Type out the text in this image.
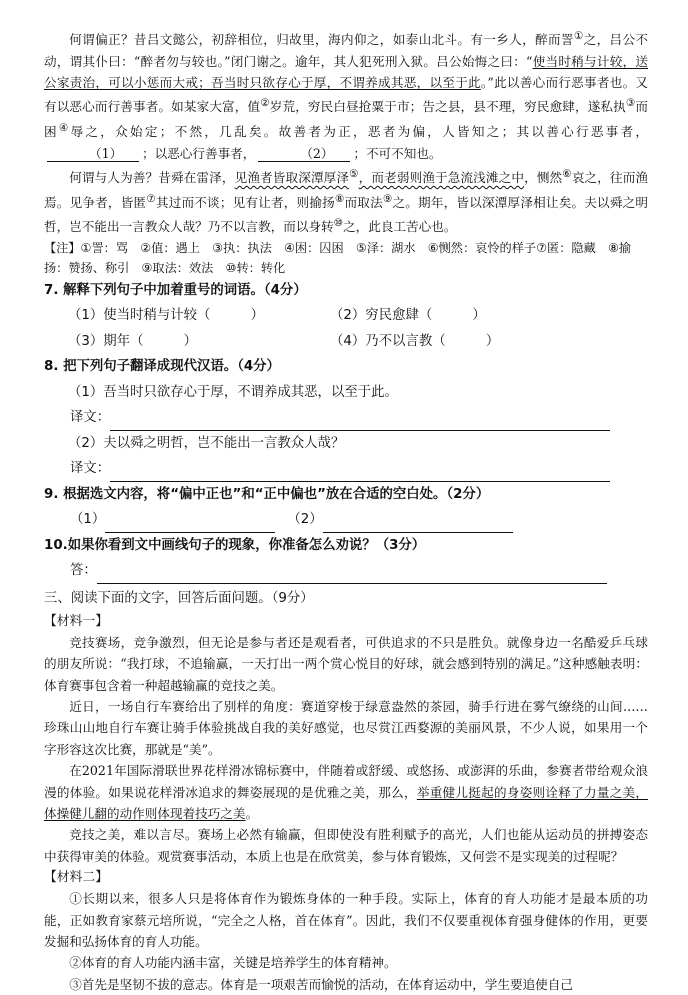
何谓偏正？昔吕文懿公，初辞相位，归故里，海内仰之，如泰山北斗。有一乡人，醉而詈①之，吕公不动，谓其仆曰：“醉者勿与较也。”闭门谢之。逾年，其人犯死刑入狱。吕公始悔之曰：“使当时稍与计较，送公家责治，可以小惩而大戒；吾当时只欲存心于厚，不谓养成其恶，以至于此。”此以善心而行恶事者也。又有以恶心而行善事者。如某家大富，值②岁荒，穷民白昼抢粟于市；告之县，县不理，穷民愈肆，遂私执③而困④辱之，众始定；不然，几乱矣。故善者为正，恶者为偏，人皆知之；其以善心行恶事者，（1） ；以恶心行善事者，	（2） ；不可不知也。

何谓与人为善？昔舜在雷泽，见渔者皆取深潭厚泽⑤，而老弱则渔于急流浅滩之中，恻然⑥哀之，往而渔焉。见争者，皆匿⑦其过而不谈；见有让者，则揄扬⑧而取法⑨之。期年，皆以深潭厚泽相让矣。夫以舜之明哲，岂不能出一言教众人哉？乃不以言教，而以身转⑩之，此良工苦心也。

【注】①詈：骂　②值：遇上　③执：执法　④困：囚困　⑤泽：湖水　⑥恻然：哀怜的样子⑦匿：隐藏　⑧揄扬：赞扬、称引　⑨取法：效法　⑩转：转化

7. 解释下列句子中加着重号的词语。（4分）

（1）使当时稍与计较（　　　）	（2）穷民愈肆（　　　）
（3）期年（　　　）	（4）乃不以言教（　　　）

8. 把下列句子翻译成现代汉语。（4分）

（1）吾当时只欲存心于厚，不谓养成其恶，以至于此。

译文：

（2）夫以舜之明哲，岂不能出一言教众人哉？

译文：

9. 根据选文内容，将“偏中正也”和“正中偏也”放在合适的空白处。（2分）

（1）	（2）

10.如果你看到文中画线句子的现象，你准备怎么劝说？（3分）

答：

三、阅读下面的文字，回答后面问题。（9分）

【材料一】

竞技赛场，竞争激烈，但无论是参与者还是观看者，可供追求的不只是胜负。就像身边一名酷爱乒乓球的朋友所说：“我打球，不追输赢，一天打出一两个赏心悦目的好球，就会感到特别的满足。”这种感触表明：体育赛事包含着一种超越输赢的竞技之美。

近日，一场自行车赛给出了别样的角度：赛道穿梭于绿意盎然的茶园，骑手行进在雾气缭绕的山间……珍珠山山地自行车赛让骑手体验挑战自我的美好感觉，也尽赏江西婺源的美丽风景，不少人说，如果用一个字形容这次比赛，那就是“美”。

在2021年国际滑联世界花样滑冰锦标赛中，伴随着或舒缓、或悠扬、或澎湃的乐曲，参赛者带给观众浪漫的体验。如果说花样滑冰追求的舞姿展现的是优雅之美，那么，举重健儿挺起的身姿则诠释了力量之美，体操健儿翻的动作则体现着技巧之美。

竞技之美，难以言尽。赛场上必然有输赢，但即使没有胜利赋予的高光，人们也能从运动员的拼搏姿态中获得审美的体验。观赏赛事活动，本质上也是在欣赏美，参与体育锻炼，又何尝不是实现美的过程呢？

【材料二】

①长期以来，很多人只是将体育作为锻炼身体的一种手段。实际上，体育的育人功能才是最本质的功能，正如教育家蔡元培所说，“完全之人格，首在体育”。因此，我们不仅要重视体育强身健体的作用，更要发掘和弘扬体育的育人功能。

②体育的育人功能内涵丰富，关键是培养学生的体育精神。

③首先是坚韧不拔的意志。体育是一项艰苦而愉悦的活动，在体育运动中，学生要追使自己
